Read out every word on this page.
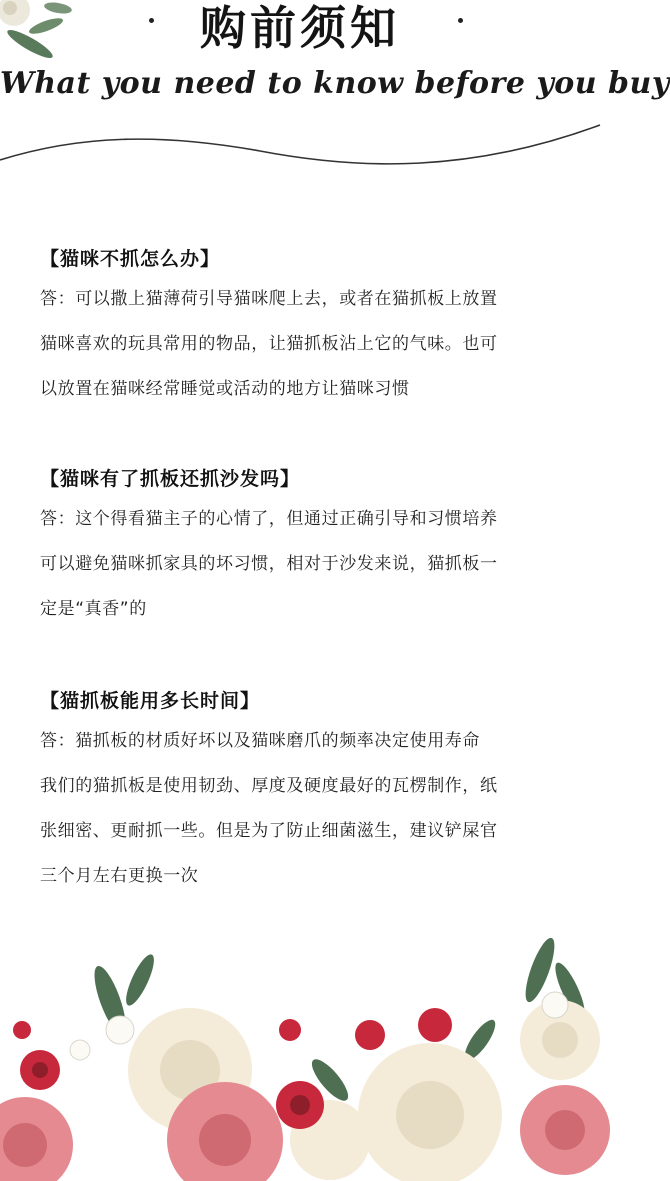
购前须知
What you need to know before you buy
【猫咪不抓怎么办】
答：可以撒上猫薄荷引导猫咪爬上去，或者在猫抓板上放置
猫咪喜欢的玩具常用的物品，让猫抓板沾上它的气味。也可
以放置在猫咪经常睡觉或活动的地方让猫咪习惯
【猫咪有了抓板还抓沙发吗】
答：这个得看猫主子的心情了，但通过正确引导和习惯培养
可以避免猫咪抓家具的坏习惯，相对于沙发来说，猫抓板一
定是“真香”的
【猫抓板能用多长时间】
答：猫抓板的材质好坏以及猫咪磨爪的频率决定使用寿命
我们的猫抓板是使用韧劲、厚度及硬度最好的瓦楞制作，纸
张细密、更耐抓一些。但是为了防止细菌滋生，建议铲屎官
三个月左右更换一次
